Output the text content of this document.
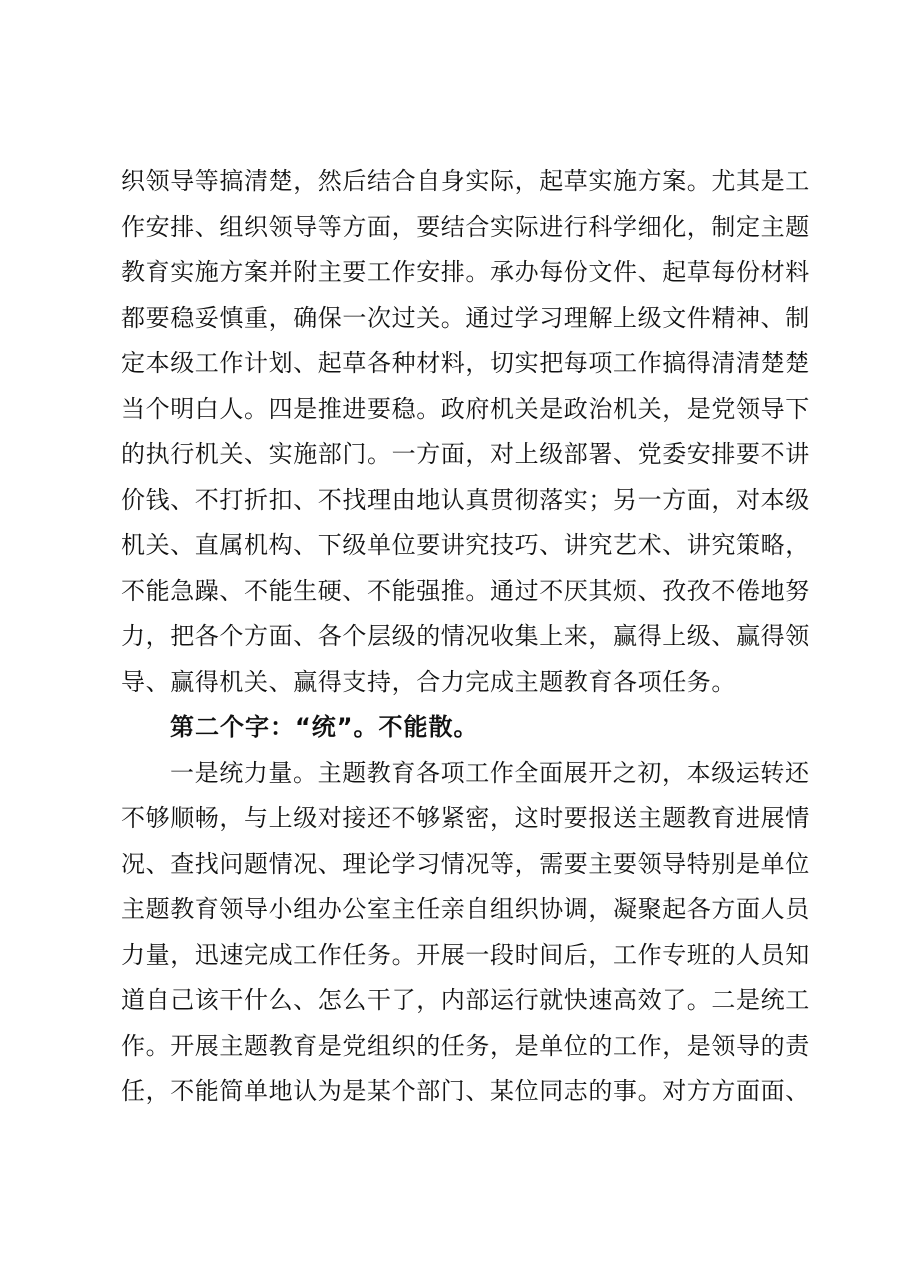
织领导等搞清楚，然后结合自身实际，起草实施方案。尤其是工
作安排、组织领导等方面，要结合实际进行科学细化，制定主题
教育实施方案并附主要工作安排。承办每份文件、起草每份材料
都要稳妥慎重，确保一次过关。通过学习理解上级文件精神、制
定本级工作计划、起草各种材料，切实把每项工作搞得清清楚楚
当个明白人。四是推进要稳。政府机关是政治机关，是党领导下
的执行机关、实施部门。一方面，对上级部署、党委安排要不讲
价钱、不打折扣、不找理由地认真贯彻落实；另一方面，对本级
机关、直属机构、下级单位要讲究技巧、讲究艺术、讲究策略，
不能急躁、不能生硬、不能强推。通过不厌其烦、孜孜不倦地努
力，把各个方面、各个层级的情况收集上来，赢得上级、赢得领
导、赢得机关、赢得支持，合力完成主题教育各项任务。
第二个字：“统”。不能散。
一是统力量。主题教育各项工作全面展开之初，本级运转还
不够顺畅，与上级对接还不够紧密，这时要报送主题教育进展情
况、查找问题情况、理论学习情况等，需要主要领导特别是单位
主题教育领导小组办公室主任亲自组织协调，凝聚起各方面人员
力量，迅速完成工作任务。开展一段时间后，工作专班的人员知
道自己该干什么、怎么干了，内部运行就快速高效了。二是统工
作。开展主题教育是党组织的任务，是单位的工作，是领导的责
任，不能简单地认为是某个部门、某位同志的事。对方方面面、
